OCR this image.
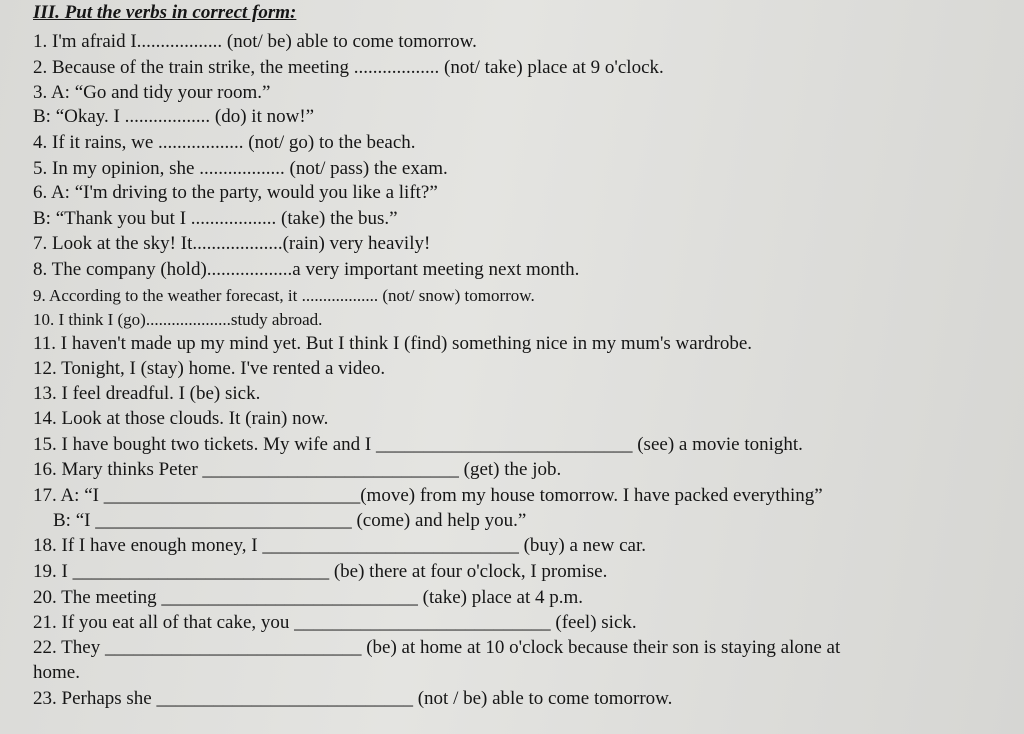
III. Put the verbs in correct form:
1. I'm afraid I.................. (not/ be) able to come tomorrow.
2. Because of the train strike, the meeting .................. (not/ take) place at 9 o'clock.
3. A: “Go and tidy your room.”
B: “Okay. I .................. (do) it now!”
4. If it rains, we .................. (not/ go) to the beach.
5. In my opinion, she .................. (not/ pass) the exam.
6. A: “I'm driving to the party, would you like a lift?”
B: “Thank you but I .................. (take) the bus.”
7. Look at the sky! It...................(rain) very heavily!
8. The company (hold)..................a very important meeting next month.
9. According to the weather forecast, it .................. (not/ snow) tomorrow.
10. I think I (go)....................study abroad.
11. I haven't made up my mind yet. But I think I (find) something nice in my mum's wardrobe.
12. Tonight, I (stay) home. I've rented a video.
13. I feel dreadful. I (be) sick.
14. Look at those clouds. It (rain) now.
15. I have bought two tickets. My wife and I ___________________________ (see) a movie tonight.
16. Mary thinks Peter ___________________________ (get) the job.
17. A: “I ___________________________(move) from my house tomorrow. I have packed everything”
B: “I ___________________________ (come) and help you.”
18. If I have enough money, I ___________________________ (buy) a new car.
19. I ___________________________ (be) there at four o'clock, I promise.
20. The meeting ___________________________ (take) place at 4 p.m.
21. If you eat all of that cake, you ___________________________ (feel) sick.
22. They ___________________________ (be) at home at 10 o'clock because their son is staying alone at
home.
23. Perhaps she ___________________________ (not / be) able to come tomorrow.
